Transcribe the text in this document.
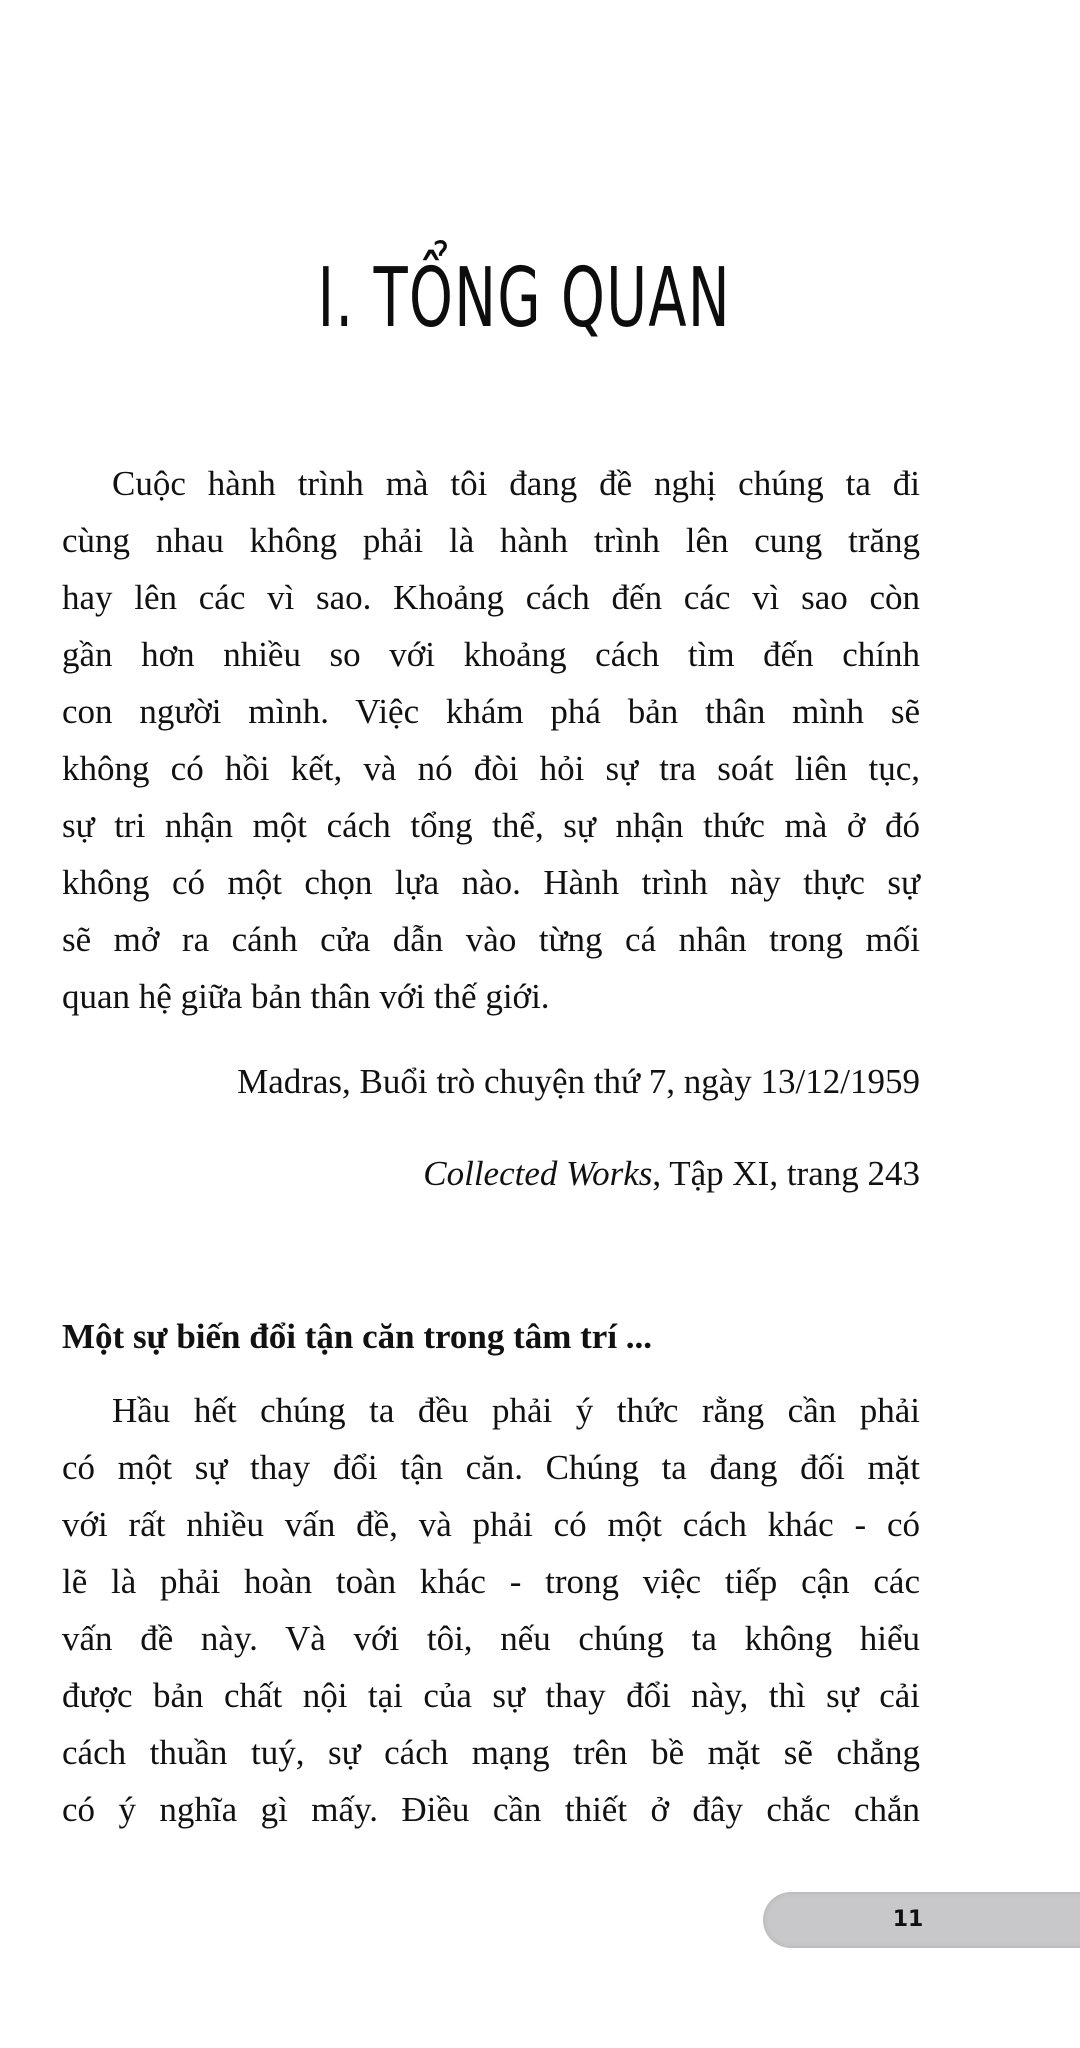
I. TỔNG QUAN
Cuộc hành trình mà tôi đang đề nghị chúng ta đi
cùng nhau không phải là hành trình lên cung trăng
hay lên các vì sao. Khoảng cách đến các vì sao còn
gần hơn nhiều so với khoảng cách tìm đến chính
con người mình. Việc khám phá bản thân mình sẽ
không có hồi kết, và nó đòi hỏi sự tra soát liên tục,
sự tri nhận một cách tổng thể, sự nhận thức mà ở đó
không có một chọn lựa nào. Hành trình này thực sự
sẽ mở ra cánh cửa dẫn vào từng cá nhân trong mối
quan hệ giữa bản thân với thế giới.
Madras, Buổi trò chuyện thứ 7, ngày 13/12/1959
Collected Works, Tập XI, trang 243
Một sự biến đổi tận căn trong tâm trí ...
Hầu hết chúng ta đều phải ý thức rằng cần phải
có một sự thay đổi tận căn. Chúng ta đang đối mặt
với rất nhiều vấn đề, và phải có một cách khác - có
lẽ là phải hoàn toàn khác - trong việc tiếp cận các
vấn đề này. Và với tôi, nếu chúng ta không hiểu
được bản chất nội tại của sự thay đổi này, thì sự cải
cách thuần tuý, sự cách mạng trên bề mặt sẽ chẳng
có ý nghĩa gì mấy. Điều cần thiết ở đây chắc chắn
11
